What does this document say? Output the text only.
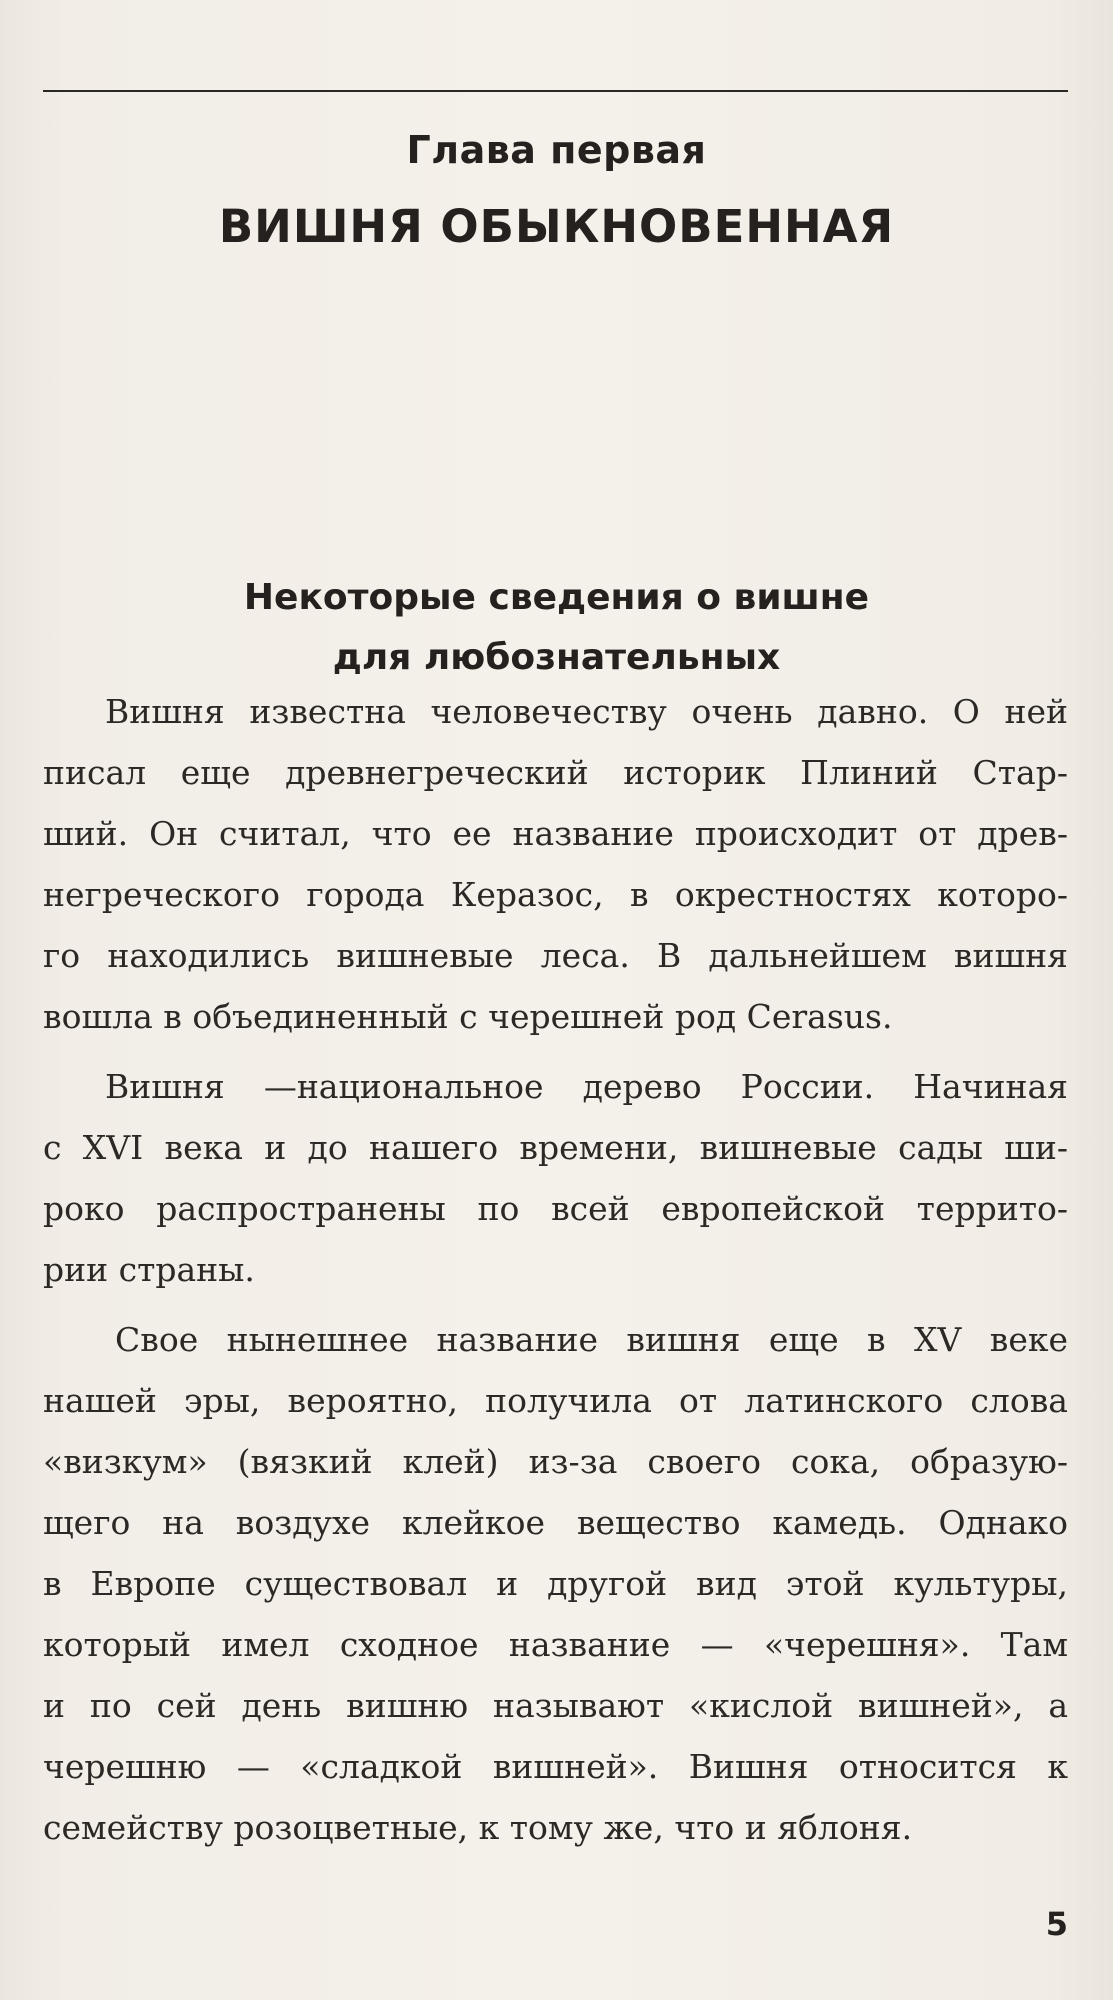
Глава первая
ВИШНЯ ОБЫКНОВЕННАЯ
Некоторые сведения о вишне
для любознательных
Вишня известна человечеству очень давно. О ней
писал еще древнегреческий историк Плиний Стар-
ший. Он считал, что ее название происходит от древ-
негреческого города Керазос, в окрестностях которо-
го находились вишневые леса. В дальнейшем вишня
вошла в объединенный с черешней род Cerasus.
Вишня —национальное дерево России. Начиная
с XVI века и до нашего времени, вишневые сады ши-
роко распространены по всей европейской террито-
рии страны.
Свое нынешнее название вишня еще в XV веке
нашей эры, вероятно, получила от латинского слова
«визкум» (вязкий клей) из-за своего сока, образую-
щего на воздухе клейкое вещество камедь. Однако
в Европе существовал и другой вид этой культуры,
который имел сходное название — «черешня». Там
и по сей день вишню называют «кислой вишней», а
черешню — «сладкой вишней». Вишня относится к
семейству розоцветные, к тому же, что и яблоня.
5
